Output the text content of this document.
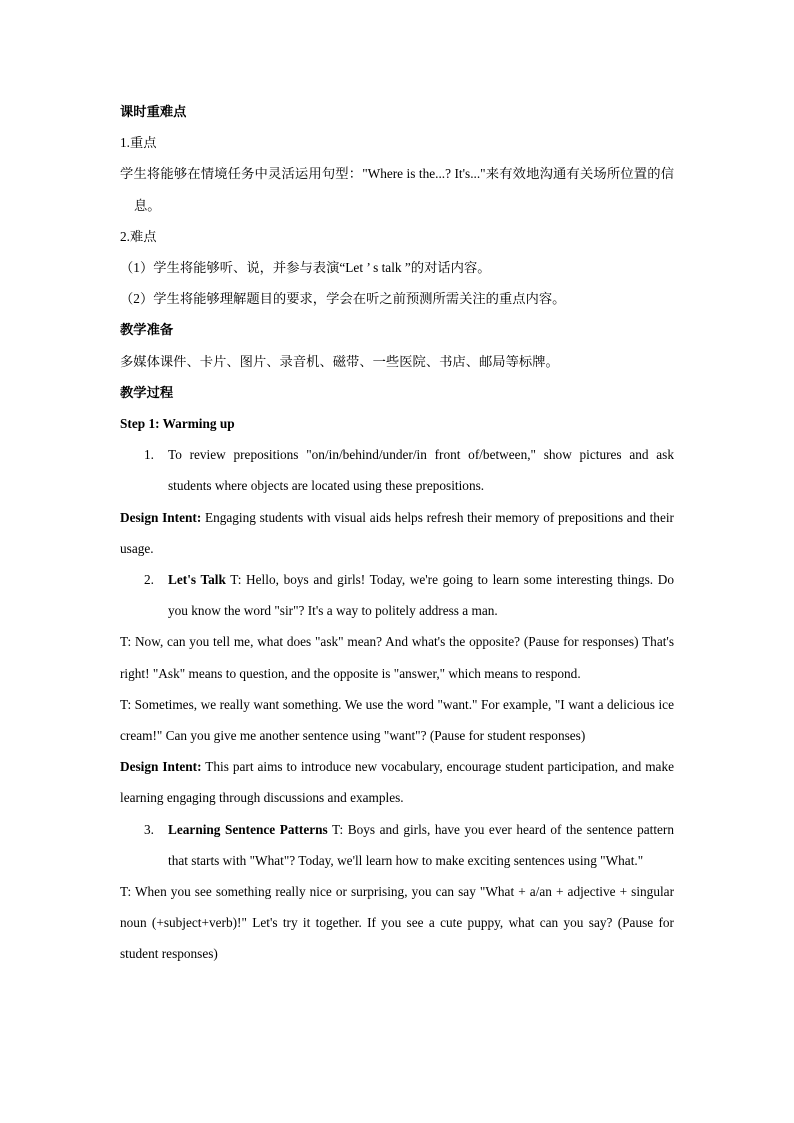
课时重难点
1.重点
学生将能够在情境任务中灵活运用句型："Where is the...? It's..."来有效地沟通有关场所位置的信息。
2.难点
（1）学生将能够听、说，并参与表演“Let ’ s talk ”的对话内容。
（2）学生将能够理解题目的要求，学会在听之前预测所需关注的重点内容。
教学准备
多媒体课件、卡片、图片、录音机、磁带、一些医院、书店、邮局等标牌。
教学过程
Step 1: Warming up
1. To review prepositions "on/in/behind/under/in front of/between," show pictures and ask students where objects are located using these prepositions.
Design Intent: Engaging students with visual aids helps refresh their memory of prepositions and their usage.
2. Let's Talk T: Hello, boys and girls! Today, we're going to learn some interesting things. Do you know the word "sir"? It's a way to politely address a man.
T: Now, can you tell me, what does "ask" mean? And what's the opposite? (Pause for responses) That's right! "Ask" means to question, and the opposite is "answer," which means to respond.
T: Sometimes, we really want something. We use the word "want." For example, "I want a delicious ice cream!" Can you give me another sentence using "want"? (Pause for student responses)
Design Intent: This part aims to introduce new vocabulary, encourage student participation, and make learning engaging through discussions and examples.
3. Learning Sentence Patterns T: Boys and girls, have you ever heard of the sentence pattern that starts with "What"? Today, we'll learn how to make exciting sentences using "What."
T: When you see something really nice or surprising, you can say "What + a/an + adjective + singular noun (+subject+verb)!" Let's try it together. If you see a cute puppy, what can you say? (Pause for student responses)
